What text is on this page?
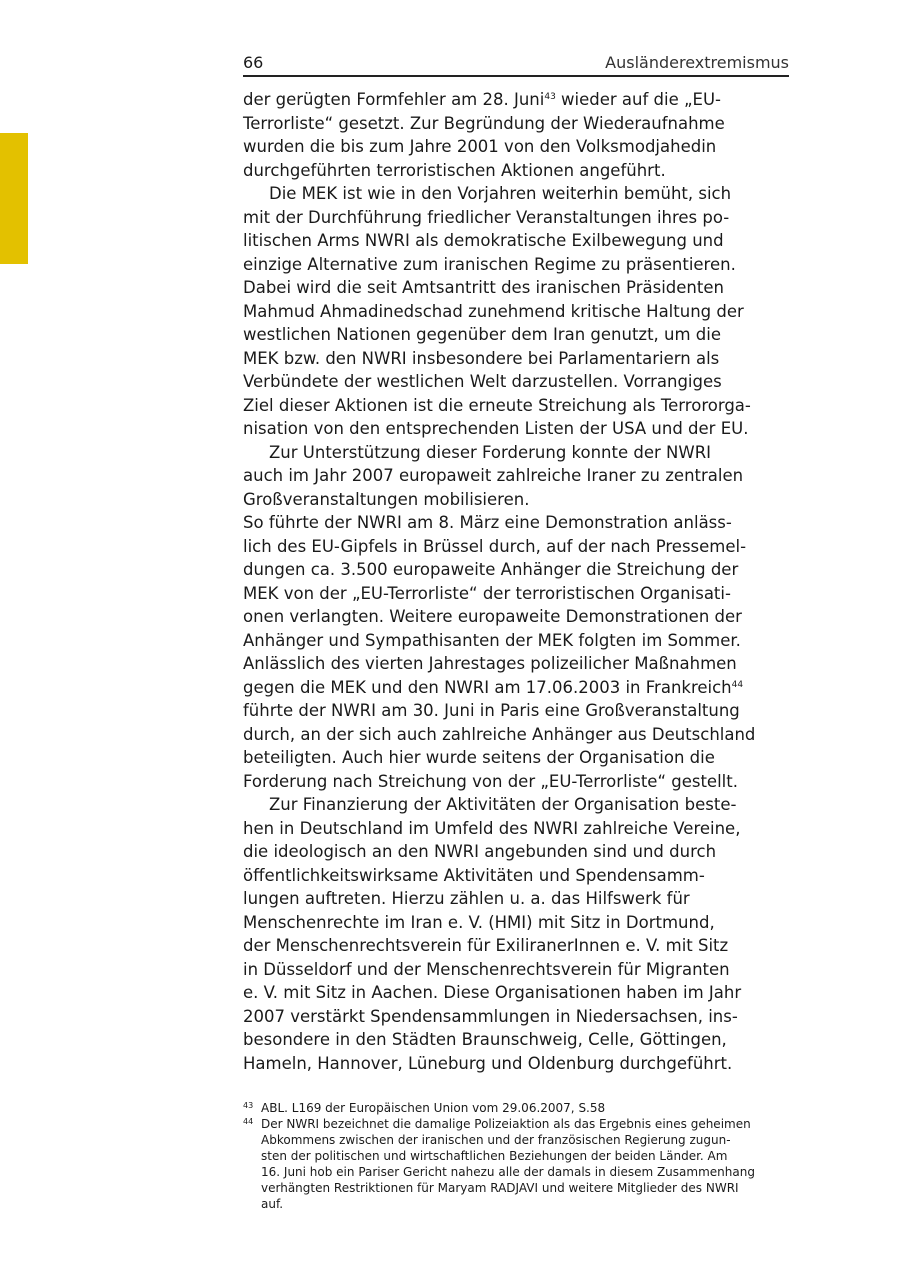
66	Ausländerextremismus
der gerügten Formfehler am 28. Juni$^{43}$ wieder auf die „EU-
Terrorliste“ gesetzt. Zur Begründung der Wiederaufnahme
wurden die bis zum Jahre 2001 von den Volksmodjahedin
durchgeführten terroristischen Aktionen angeführt.
Die MEK ist wie in den Vorjahren weiterhin bemüht, sich
mit der Durchführung friedlicher Veranstaltungen ihres po-
litischen Arms NWRI als demokratische Exilbewegung und
einzige Alternative zum iranischen Regime zu präsentieren.
Dabei wird die seit Amtsantritt des iranischen Präsidenten
Mahmud Ahmadinedschad zunehmend kritische Haltung der
westlichen Nationen gegenüber dem Iran genutzt, um die
MEK bzw. den NWRI insbesondere bei Parlamentariern als
Verbündete der westlichen Welt darzustellen. Vorrangiges
Ziel dieser Aktionen ist die erneute Streichung als Terrororga-
nisation von den entsprechenden Listen der USA und der EU.
Zur Unterstützung dieser Forderung konnte der NWRI
auch im Jahr 2007 europaweit zahlreiche Iraner zu zentralen
Großveranstaltungen mobilisieren.
So führte der NWRI am 8. März eine Demonstration anläss-
lich des EU-Gipfels in Brüssel durch, auf der nach Pressemel-
dungen ca. 3.500 europaweite Anhänger die Streichung der
MEK von der „EU-Terrorliste“ der terroristischen Organisati-
onen verlangten. Weitere europaweite Demonstrationen der
Anhänger und Sympathisanten der MEK folgten im Sommer.
Anlässlich des vierten Jahrestages polizeilicher Maßnahmen
gegen die MEK und den NWRI am 17.06.2003 in Frankreich$^{44}$
führte der NWRI am 30. Juni in Paris eine Großveranstaltung
durch, an der sich auch zahlreiche Anhänger aus Deutschland
beteiligten. Auch hier wurde seitens der Organisation die
Forderung nach Streichung von der „EU-Terrorliste“ gestellt.
Zur Finanzierung der Aktivitäten der Organisation beste-
hen in Deutschland im Umfeld des NWRI zahlreiche Vereine,
die ideologisch an den NWRI angebunden sind und durch
öffentlichkeitswirksame Aktivitäten und Spendensamm-
lungen auftreten. Hierzu zählen u. a. das Hilfswerk für
Menschenrechte im Iran e. V. (HMI) mit Sitz in Dortmund,
der Menschenrechtsverein für ExiliranerInnen e. V. mit Sitz
in Düsseldorf und der Menschenrechtsverein für Migranten
e. V. mit Sitz in Aachen. Diese Organisationen haben im Jahr
2007 verstärkt Spendensammlungen in Niedersachsen, ins-
besondere in den Städten Braunschweig, Celle, Göttingen,
Hameln, Hannover, Lüneburg und Oldenburg durchgeführt.
43 ABL. L169 der Europäischen Union vom 29.06.2007, S.58
44 Der NWRI bezeichnet die damalige Polizeiaktion als das Ergebnis eines geheimen
Abkommens zwischen der iranischen und der französischen Regierung zugun-
sten der politischen und wirtschaftlichen Beziehungen der beiden Länder. Am
16. Juni hob ein Pariser Gericht nahezu alle der damals in diesem Zusammenhang
verhängten Restriktionen für Maryam RADJAVI und weitere Mitglieder des NWRI
auf.
